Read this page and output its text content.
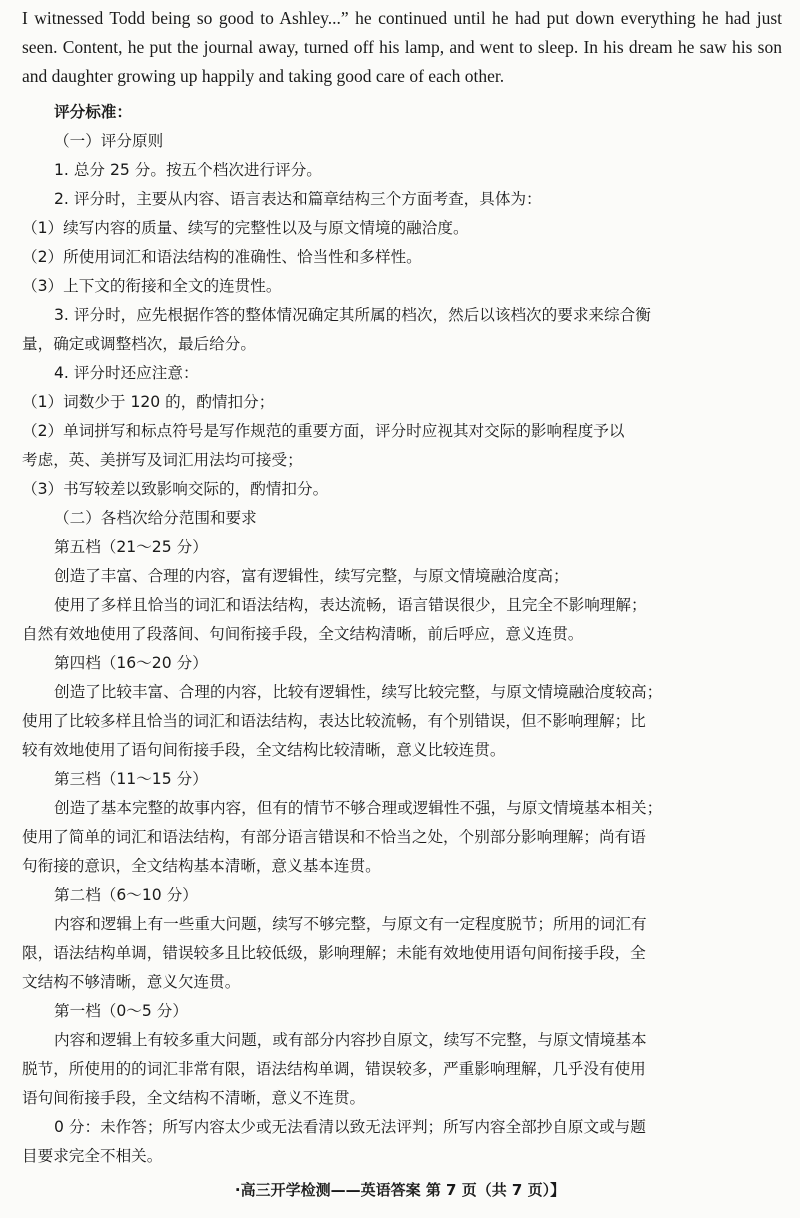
I witnessed Todd being so good to Ashley...” he continued until he had put down everything he had just seen. Content, he put the journal away, turned off his lamp, and went to sleep. In his dream he saw his son and daughter growing up happily and taking good care of each other.

评分标准：
（一）评分原则
1. 总分 25 分。按五个档次进行评分。
2. 评分时，主要从内容、语言表达和篇章结构三个方面考查，具体为：
（1）续写内容的质量、续写的完整性以及与原文情境的融洽度。
（2）所使用词汇和语法结构的准确性、恰当性和多样性。
（3）上下文的衔接和全文的连贯性。
3. 评分时，应先根据作答的整体情况确定其所属的档次，然后以该档次的要求来综合衡
量，确定或调整档次，最后给分。
4. 评分时还应注意：
（1）词数少于 120 的，酌情扣分；
（2）单词拼写和标点符号是写作规范的重要方面，评分时应视其对交际的影响程度予以
考虑，英、美拼写及词汇用法均可接受；
（3）书写较差以致影响交际的，酌情扣分。
（二）各档次给分范围和要求
第五档（21～25 分）
创造了丰富、合理的内容，富有逻辑性，续写完整，与原文情境融洽度高；
使用了多样且恰当的词汇和语法结构，表达流畅，语言错误很少，且完全不影响理解；
自然有效地使用了段落间、句间衔接手段，全文结构清晰，前后呼应，意义连贯。
第四档（16～20 分）
创造了比较丰富、合理的内容，比较有逻辑性，续写比较完整，与原文情境融洽度较高；
使用了比较多样且恰当的词汇和语法结构，表达比较流畅，有个别错误，但不影响理解；比
较有效地使用了语句间衔接手段，全文结构比较清晰，意义比较连贯。
第三档（11～15 分）
创造了基本完整的故事内容，但有的情节不够合理或逻辑性不强，与原文情境基本相关；
使用了简单的词汇和语法结构，有部分语言错误和不恰当之处，个别部分影响理解；尚有语
句衔接的意识，全文结构基本清晰，意义基本连贯。
第二档（6～10 分）
内容和逻辑上有一些重大问题，续写不够完整，与原文有一定程度脱节；所用的词汇有
限，语法结构单调，错误较多且比较低级，影响理解；未能有效地使用语句间衔接手段，全
文结构不够清晰，意义欠连贯。
第一档（0～5 分）
内容和逻辑上有较多重大问题，或有部分内容抄自原文，续写不完整，与原文情境基本
脱节，所使用的的词汇非常有限，语法结构单调，错误较多，严重影响理解，几乎没有使用
语句间衔接手段，全文结构不清晰，意义不连贯。
0 分：未作答；所写内容太少或无法看清以致无法评判；所写内容全部抄自原文或与题
目要求完全不相关。
·高三开学检测——英语答案 第 7 页（共 7 页）】
